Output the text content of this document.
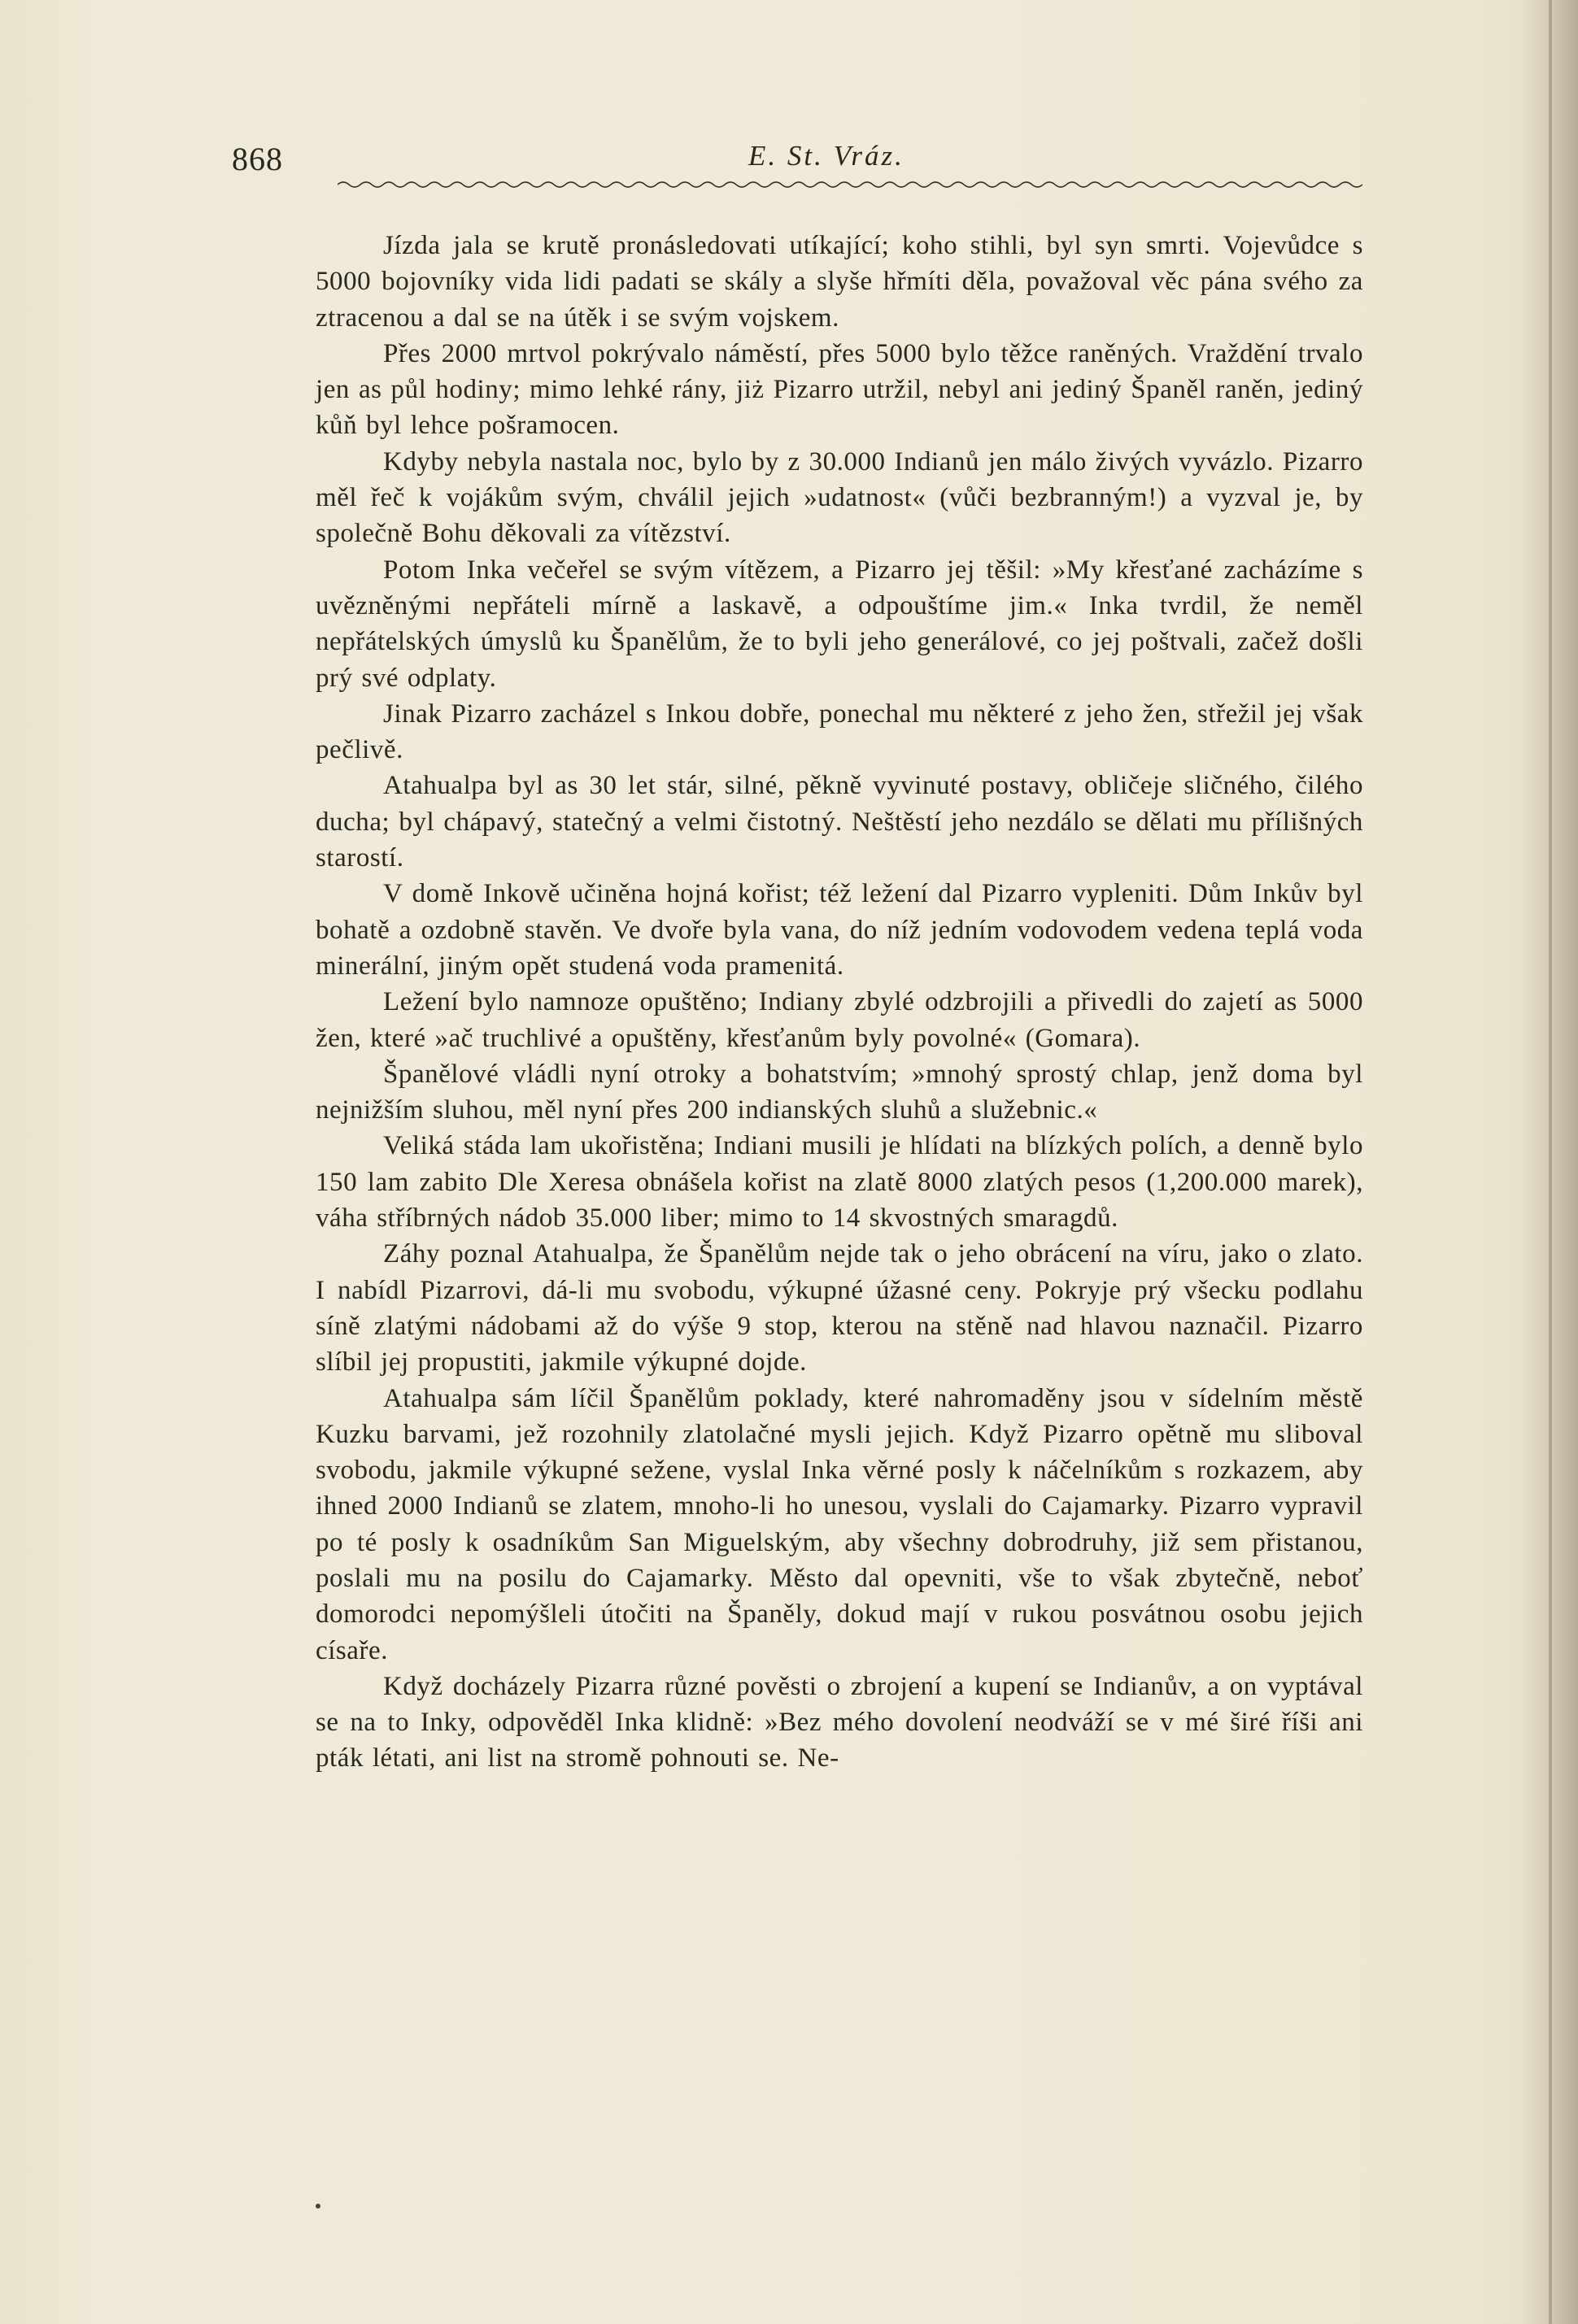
868	E. St. Vráz.

Jízda jala se krutě pronásledovati utíkající; koho stihli, byl syn smrti. Vojevůdce s 5000 bojovníky vida lidi padati se skály a slyše hřmíti děla, považoval věc pána svého za ztracenou a dal se na útěk i se svým vojskem.

Přes 2000 mrtvol pokrývalo náměstí, přes 5000 bylo těžce raněných. Vraždění trvalo jen as půl hodiny; mimo lehké rány, jiż Pizarro utržil, nebyl ani jediný Španěl raněn, jediný kůň byl lehce pošramocen.

Kdyby nebyla nastala noc, bylo by z 30.000 Indianů jen málo živých vyvázlo. Pizarro měl řeč k vojákům svým, chválil jejich »udatnost« (vůči bezbranným!) a vyzval je, by společně Bohu děkovali za vítězství.

Potom Inka večeřel se svým vítězem, a Pizarro jej těšil: »My křesťané zacházíme s uvězněnými nepřáteli mírně a laskavě, a odpouštíme jim.« Inka tvrdil, že neměl nepřátelských úmyslů ku Španělům, že to byli jeho generálové, co jej poštvali, začež došli prý své odplaty.

Jinak Pizarro zacházel s Inkou dobře, ponechal mu některé z jeho žen, střežil jej však pečlivě.

Atahualpa byl as 30 let stár, silné, pěkně vyvinuté postavy, obličeje sličného, čilého ducha; byl chápavý, statečný a velmi čistotný. Neštěstí jeho nezdálo se dělati mu přílišných starostí.

V domě Inkově učiněna hojná kořist; též ležení dal Pizarro vypleniti. Dům Inkův byl bohatě a ozdobně stavěn. Ve dvoře byla vana, do níž jedním vodovodem vedena teplá voda minerální, jiným opět studená voda pramenitá.

Ležení bylo namnoze opuštěno; Indiany zbylé odzbrojili a přivedli do zajetí as 5000 žen, které »ač truchlivé a opuštěny, křesťanům byly povolné« (Gomara).

Španělové vládli nyní otroky a bohatstvím; »mnohý sprostý chlap, jenž doma byl nejnižším sluhou, měl nyní přes 200 indianských sluhů a služebnic.«

Veliká stáda lam ukořistěna; Indiani musili je hlídati na blízkých polích, a denně bylo 150 lam zabito Dle Xeresa obnášela kořist na zlatě 8000 zlatých pesos (1,200.000 marek), váha stříbrných nádob 35.000 liber; mimo to 14 skvostných smaragdů.

Záhy poznal Atahualpa, že Španělům nejde tak o jeho obrácení na víru, jako o zlato. I nabídl Pizarrovi, dá-li mu svobodu, výkupné úžasné ceny. Pokryje prý všecku podlahu síně zlatými nádobami až do výše 9 stop, kterou na stěně nad hlavou naznačil. Pizarro slíbil jej propustiti, jakmile výkupné dojde.

Atahualpa sám líčil Španělům poklady, které nahromaděny jsou v sídelním městě Kuzku barvami, jež rozohnily zlatolačné mysli jejich. Když Pizarro opětně mu sliboval svobodu, jakmile výkupné sežene, vyslal Inka věrné posly k náčelníkům s rozkazem, aby ihned 2000 Indianů se zlatem, mnoho-li ho unesou, vyslali do Cajamarky. Pizarro vypravil po té posly k osadníkům San Miguelským, aby všechny dobrodruhy, již sem přistanou, poslali mu na posilu do Cajamarky. Město dal opevniti, vše to však zbytečně, neboť domorodci nepomýšleli útočiti na Španěly, dokud mají v rukou posvátnou osobu jejich císaře.

Když docházely Pizarra různé pověsti o zbrojení a kupení se Indianův, a on vyptával se na to Inky, odpověděl Inka klidně: »Bez mého dovolení neodváží se v mé širé říši ani pták létati, ani list na stromě pohnouti se. Ne-
